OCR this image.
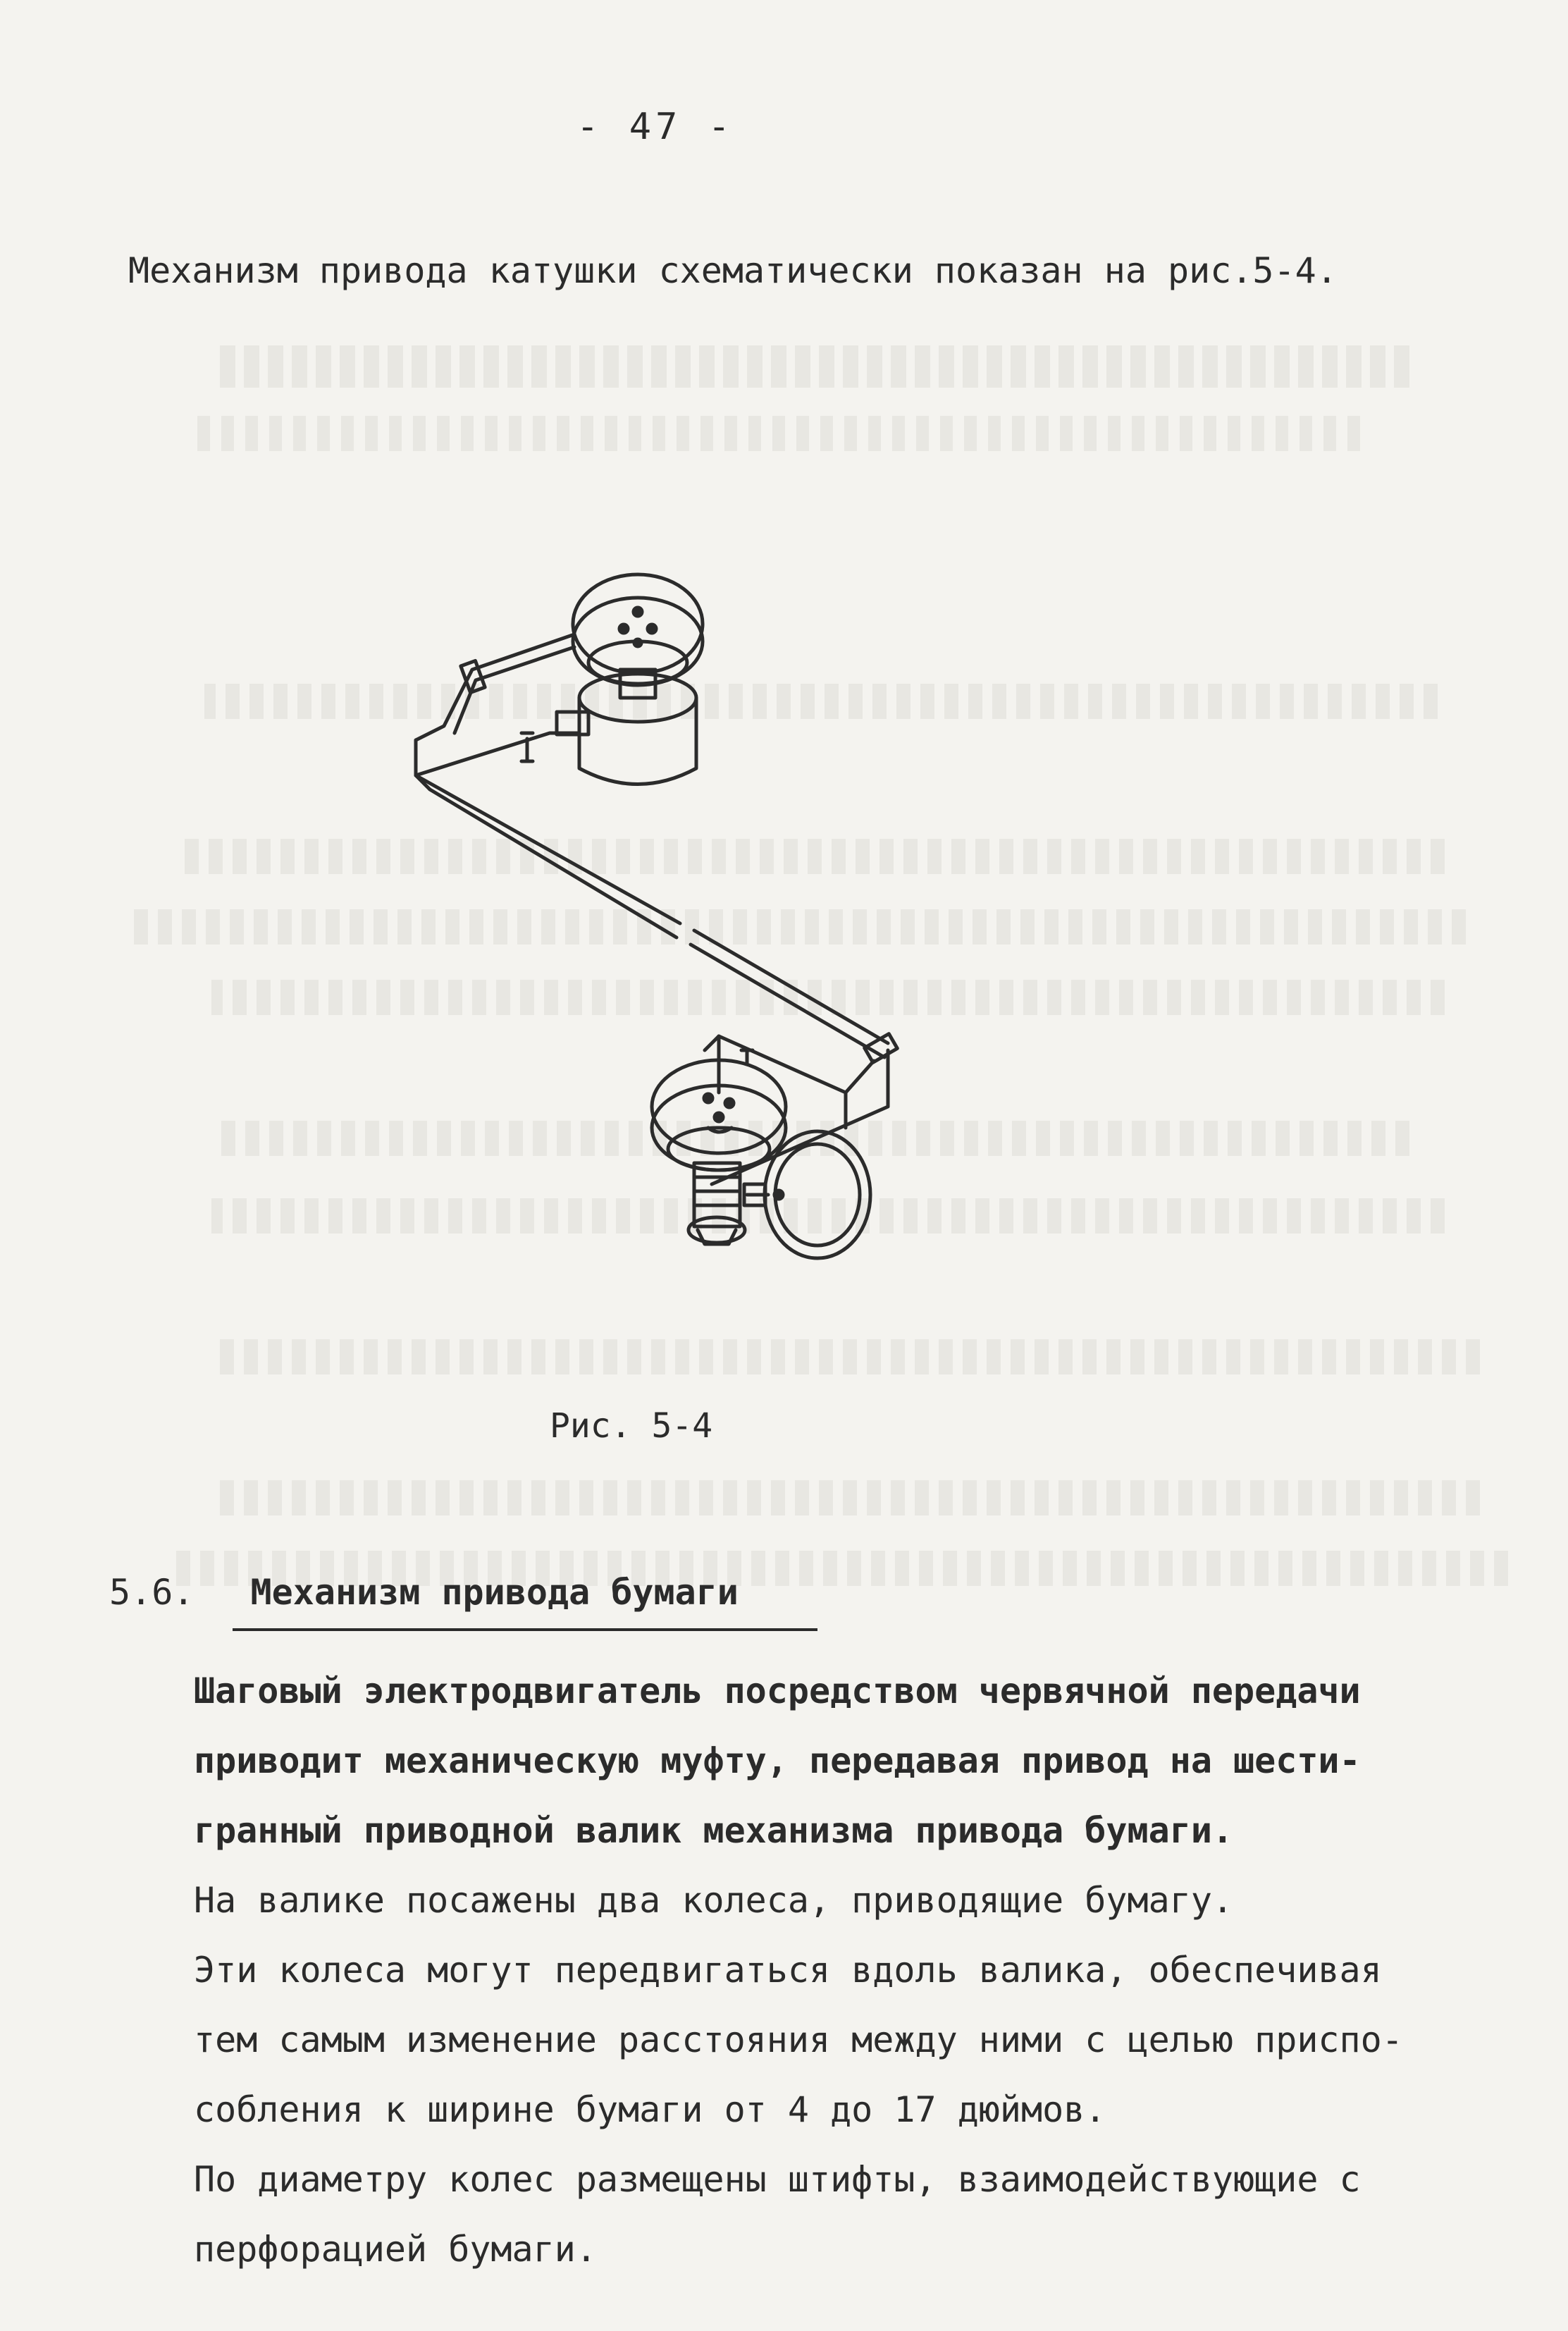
- 47 -
Механизм привода катушки схематически показан на рис.5-4.
Рис. 5-4
5.6. Механизм привода бумаги
Шаговый электродвигатель посредством червячной передачи
приводит механическую муфту, передавая привод на шести-
гранный приводной валик механизма привода бумаги.
На валике посажены два колеса, приводящие бумагу.
Эти колеса могут передвигаться вдоль валика, обеспечивая
тем самым изменение расстояния между ними с целью приспо-
собления к ширине бумаги от 4 до 17 дюймов.
По диаметру колес размещены штифты, взаимодействующие с
перфорацией бумаги.
